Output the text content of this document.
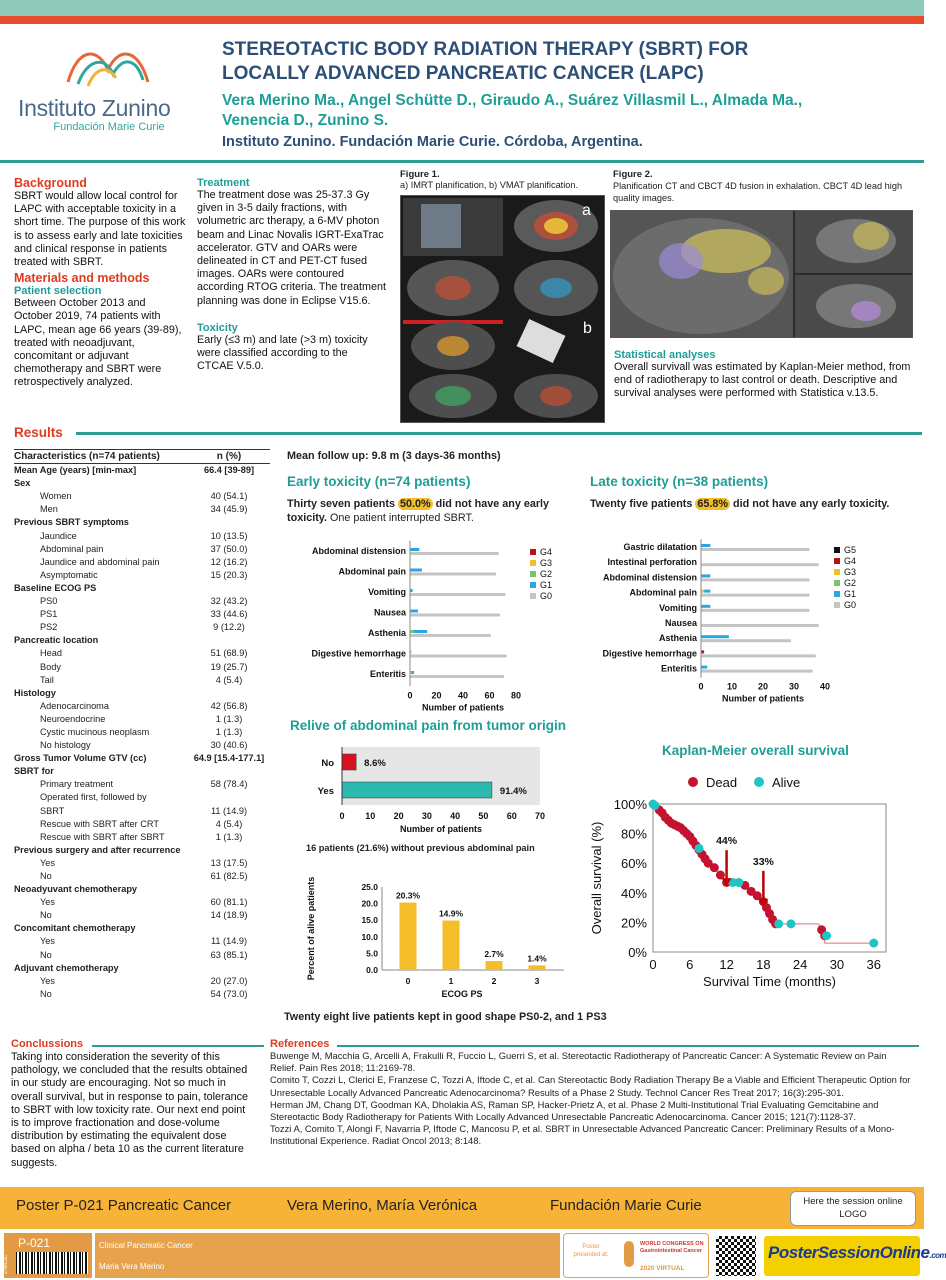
Instituto Zunino
Fundación Marie Curie
STEREOTACTIC BODY RADIATION THERAPY (SBRT) FOR
LOCALLY ADVANCED PANCREATIC CANCER (LAPC)
Vera Merino Ma., Angel Schütte D., Giraudo A., Suárez Villasmil L., Almada Ma.,
Venencia D., Zunino S.
Instituto Zunino. Fundación Marie Curie. Córdoba, Argentina.
Background
SBRT would allow local control for LAPC with acceptable toxicity in a short time. The purpose of this work is to assess early and late toxicities and clinical response in patients treated with SBRT.
Materials and methods
Patient selection
Between October 2013 and October 2019, 74 patients with LAPC, mean age 66 years (39-89), treated with neoadjuvant, concomitant or adjuvant chemotherapy and SBRT were retrospectively analyzed.
Treatment
The treatment dose was 25-37.3 Gy given in 3-5 daily fractions, with volumetric arc therapy, a 6-MV photon beam and Linac Novalis IGRT-ExaTrac accelerator. GTV and OARs were delineated in CT and PET-CT fused images. OARs were contoured according RTOG criteria. The treatment planning was done in Eclipse V15.6.
Toxicity
Early (≤3 m) and late (>3 m) toxicity were classified according to the CTCAE V.5.0.
Figure 1.
a) IMRT planification, b) VMAT planification.
a
b
Figure 2.
Planification CT and CBCT 4D fusion in exhalation. CBCT 4D lead high quality images.
Statistical analyses
Overall survivall was estimated by Kaplan-Meier method, from end of radiotherapy to last control or death. Descriptive and survival analyses were performed with Statistica v.13.5.
Results
Characteristics (n=74 patients)	n (%)
Mean Age (years) [min-max]	66.4 [39-89]
Sex	
Women	40 (54.1)
Men	34 (45.9)
Previous SBRT symptoms	
Jaundice	10 (13.5)
Abdominal pain	37 (50.0)
Jaundice and abdominal pain	12 (16.2)
Asymptomatic	15 (20.3)
Baseline ECOG PS	
PS0	32 (43.2)
PS1	33 (44.6)
PS2	9 (12.2)
Pancreatic location	
Head	51 (68.9)
Body	19 (25.7)
Tail	4 (5.4)
Histology	
Adenocarcinoma	42 (56.8)
Neuroendocrine	1 (1.3)
Cystic mucinous neoplasm	1 (1.3)
No histology	30 (40.6)
Gross Tumor Volume GTV (cc)	64.9 [15.4-177.1]
SBRT for	
Primary treatment	58 (78.4)
Operated first, followed by	
SBRT	11 (14.9)
Rescue with SBRT after CRT	4 (5.4)
Rescue with SBRT after SBRT	1 (1.3)
Previous surgery and after recurrence	
Yes	13 (17.5)
No	61 (82.5)
Neoadyuvant chemotherapy	
Yes	60 (81.1)
No	14 (18.9)
Concomitant chemotherapy	
Yes	11 (14.9)
No	63 (85.1)
Adjuvant chemotherapy	
Yes	20 (27.0)
No	54 (73.0)
Mean follow up: 9.8 m (3 days-36 months)
Early toxicity (n=74 patients)
Thirty seven patients 50.0% did not have any early toxicity. One patient interrupted SBRT.
Abdominal distension
Abdominal pain
Vomiting
Nausea
Asthenia
Digestive hemorrhage
Enteritis
0 20 40 60 80
Number of patients
G4
G3
G2
G1
G0
Late toxicity (n=38 patients)
Twenty five patients 65.8% did not have any early toxicity.
Gastric dilatation
Intestinal perforation
Abdominal distension
Abdominal pain
Vomiting
Nausea
Asthenia
Digestive hemorrhage
Enteritis
0	10 20 30 40
Number of patients
G5
G4
G3
G2
G1
G0
Relive of abdominal pain from tumor origin
No	8.6%
Yes	91.4%
0 10 20 30 40 50 60 70
Number of patients
16 patients (21.6%) without previous abdominal pain
0.0
5.0
10.0
15.0
20.0
25.0
20.3%
0
14.9%
1
2.7%
2
1.4%
3
ECOG PS
Percent of alive patients
Kaplan-Meier overall survival
0%
20%
40%
60%
80%
100%
0 6 12 18 24 30 36
Survival Time (months)
Overall survival (%)	44%
33%
Dead	Alive
Twenty eight live patients kept in good shape PS0-2, and 1 PS3
Conclussions
Taking into consideration the severity of this pathology, we concluded that the results obtained in our study are encouraging. Not so much in overall survival, but in response to pain, tolerance to SBRT with low toxicity rate. Our next end point is to improve fractionation and dose-volume distribution by estimating the equivalent dose based on alpha / beta 10 as the current literature suggests.
References
Buwenge M, Macchia G, Arcelli A, Frakulli R, Fuccio L, Guerri S, et al. Stereotactic Radiotherapy of Pancreatic Cancer: A Systematic Review on Pain Relief. Pain Res 2018; 11:2169-78.
Comito T, Cozzi L, Clerici E, Franzese C, Tozzi A, Iftode C, et al. Can Stereotactic Body Radiation Therapy Be a Viable and Efficient Therapeutic Option for Unresectable Locally Advanced Pancreatic Adenocarcinoma? Results of a Phase 2 Study. Technol Cancer Res Treat 2017; 16(3):295-301.
Herman JM, Chang DT, Goodman KA, Dholakia AS, Raman SP, Hacker-Prietz A, et al. Phase 2 Multi-Institutional Trial Evaluating Gemcitabine and Stereotactic Body Radiotherapy for Patients With Locally Advanced Unresectable Pancreatic Adenocarcinoma. Cancer 2015; 121(7):1128-37.
Tozzi A, Comito T, Alongi F, Navarria P, Iftode C, Mancosu P, et al. SBRT in Unresectable Advanced Pancreatic Cancer: Preliminary Results of a Mono-Institutional Experience. Radiat Oncol 2013; 8:148.
Poster P-021 Pancreatic Cancer	Vera Merino, María Verónica	Fundación Marie Curie	Here the session online LOGO
P-021
27MC6C
Clinical Pancreatic Cancer
Maria Vera Merino
Poster presented at:
WORLD CONGRESS ON Gastrointestinal Cancer
2020 VIRTUAL
PosterSessionOnline.com
